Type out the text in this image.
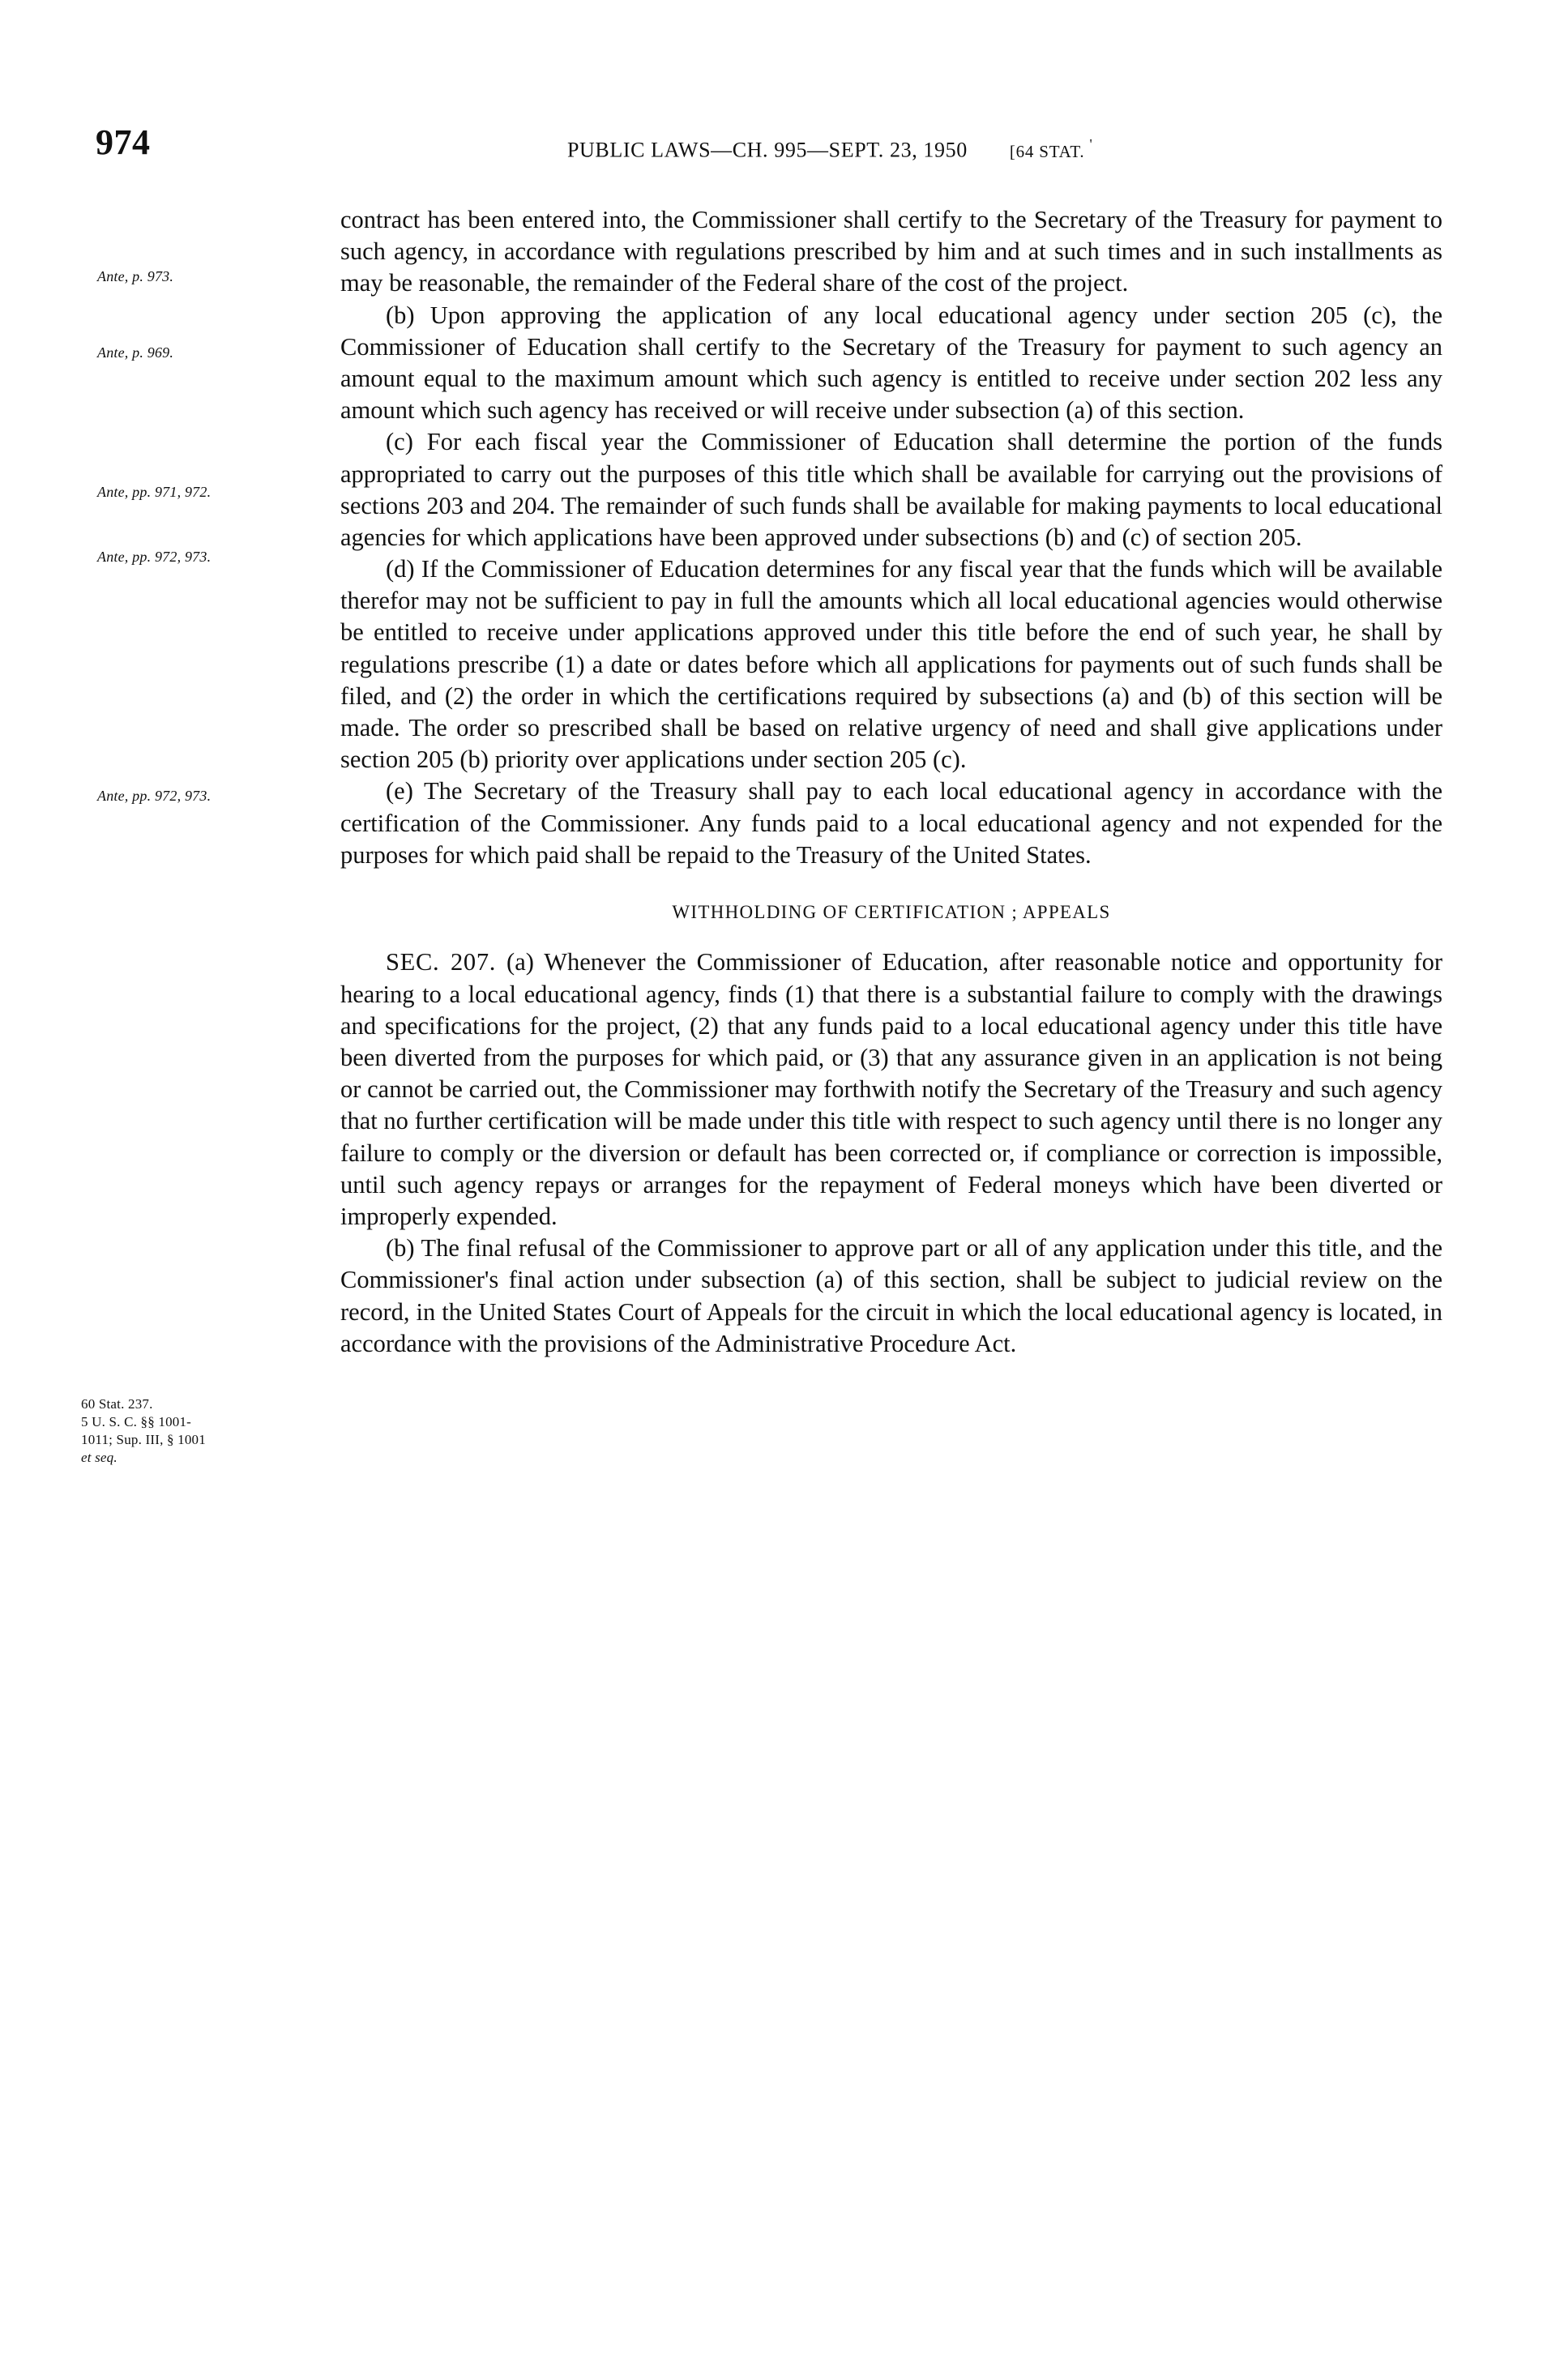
974	PUBLIC LAWS—CH. 995—SEPT. 23, 1950 [64 STAT. '
Ante, p. 973.
Ante, p. 969.
Ante, pp. 971, 972.
Ante, pp. 972, 973.
Ante, pp. 972, 973.
60 Stat. 237.
5 U. S. C. §§ 1001-
1011; Sup. III, § 1001
et seq.

contract has been entered into, the Commissioner shall certify to the Secretary of the Treasury for payment to such agency, in accordance with regulations prescribed by him and at such times and in such installments as may be reasonable, the remainder of the Federal share of the cost of the project.

(b) Upon approving the application of any local educational agency under section 205 (c), the Commissioner of Education shall certify to the Secretary of the Treasury for payment to such agency an amount equal to the maximum amount which such agency is entitled to receive under section 202 less any amount which such agency has received or will receive under subsection (a) of this section.

(c) For each fiscal year the Commissioner of Education shall determine the portion of the funds appropriated to carry out the purposes of this title which shall be available for carrying out the provisions of sections 203 and 204. The remainder of such funds shall be available for making payments to local educational agencies for which applications have been approved under subsections (b) and (c) of section 205.

(d) If the Commissioner of Education determines for any fiscal year that the funds which will be available therefor may not be sufficient to pay in full the amounts which all local educational agencies would otherwise be entitled to receive under applications approved under this title before the end of such year, he shall by regulations prescribe (1) a date or dates before which all applications for payments out of such funds shall be filed, and (2) the order in which the certifications required by subsections (a) and (b) of this section will be made. The order so prescribed shall be based on relative urgency of need and shall give applications under section 205 (b) priority over applications under section 205 (c).

(e) The Secretary of the Treasury shall pay to each local educational agency in accordance with the certification of the Commissioner. Any funds paid to a local educational agency and not expended for the purposes for which paid shall be repaid to the Treasury of the United States.

WITHHOLDING OF CERTIFICATION ; APPEALS

SEC. 207. (a) Whenever the Commissioner of Education, after reasonable notice and opportunity for hearing to a local educational agency, finds (1) that there is a substantial failure to comply with the drawings and specifications for the project, (2) that any funds paid to a local educational agency under this title have been diverted from the purposes for which paid, or (3) that any assurance given in an application is not being or cannot be carried out, the Commissioner may forthwith notify the Secretary of the Treasury and such agency that no further certification will be made under this title with respect to such agency until there is no longer any failure to comply or the diversion or default has been corrected or, if compliance or correction is impossible, until such agency repays or arranges for the repayment of Federal moneys which have been diverted or improperly expended.

(b) The final refusal of the Commissioner to approve part or all of any application under this title, and the Commissioner's final action under subsection (a) of this section, shall be subject to judicial review on the record, in the United States Court of Appeals for the circuit in which the local educational agency is located, in accordance with the provisions of the Administrative Procedure Act.
